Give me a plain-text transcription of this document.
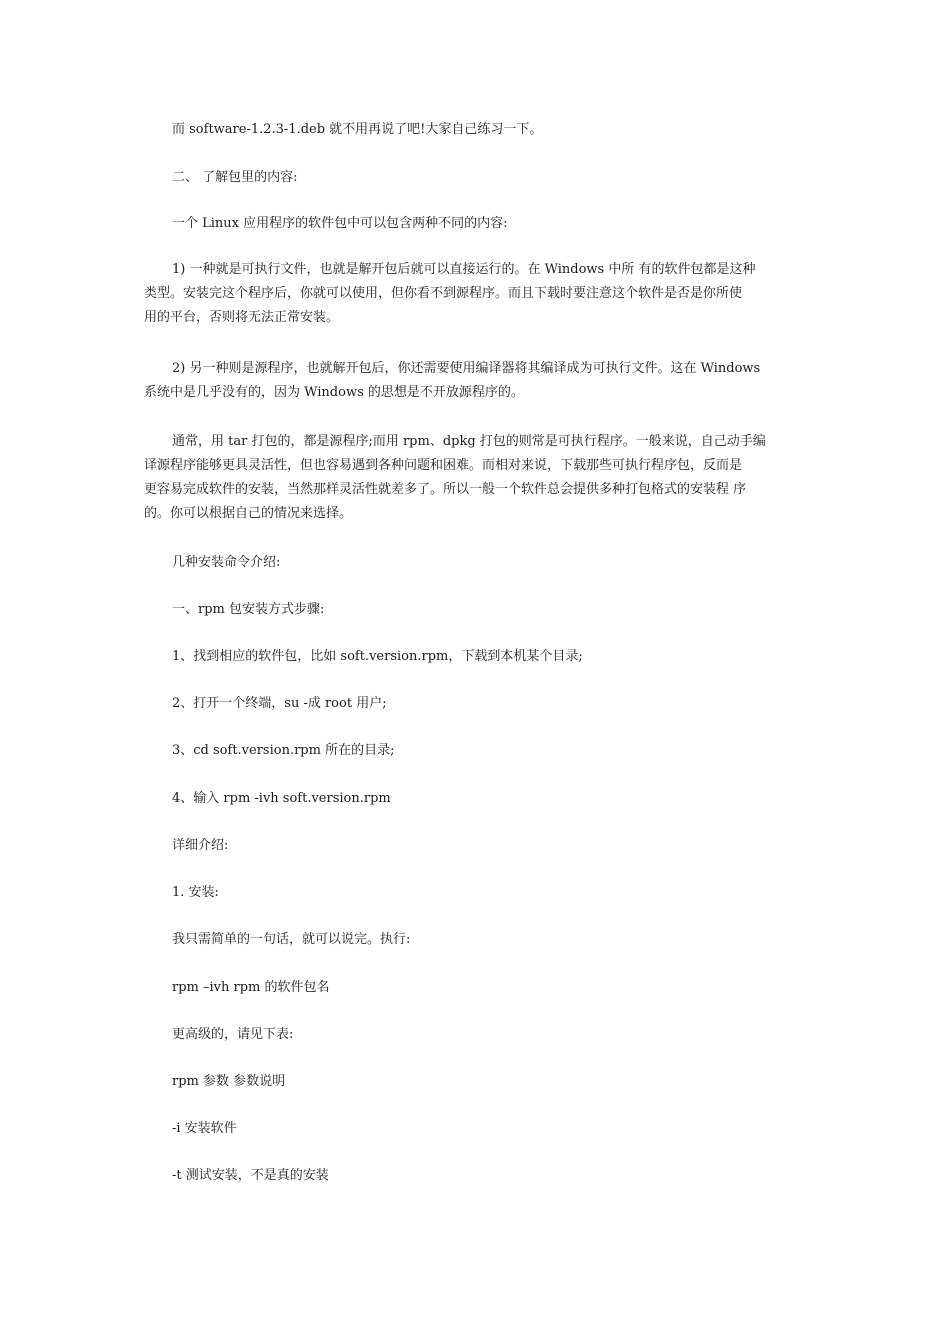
而 software-1.2.3-1.deb 就不用再说了吧!大家自己练习一下。
二、 了解包里的内容:
一个 Linux 应用程序的软件包中可以包含两种不同的内容:
1) 一种就是可执行文件，也就是解开包后就可以直接运行的。在 Windows 中所 有的软件包都是这种
类型。安装完这个程序后，你就可以使用，但你看不到源程序。而且下载时要注意这个软件是否是你所使
用的平台，否则将无法正常安装。
2) 另一种则是源程序，也就解开包后，你还需要使用编译器将其编译成为可执行文件。这在 Windows
系统中是几乎没有的，因为 Windows 的思想是不开放源程序的。
通常，用 tar 打包的，都是源程序;而用 rpm、dpkg 打包的则常是可执行程序。一般来说，自己动手编
译源程序能够更具灵活性，但也容易遇到各种问题和困难。而相对来说，下载那些可执行程序包，反而是
更容易完成软件的安装，当然那样灵活性就差多了。所以一般一个软件总会提供多种打包格式的安装程 序
的。你可以根据自己的情况来选择。
几种安装命令介绍:
一、rpm 包安装方式步骤:
1、找到相应的软件包，比如 soft.version.rpm，下载到本机某个目录;
2、打开一个终端，su -成 root 用户;
3、cd soft.version.rpm 所在的目录;
4、输入 rpm -ivh soft.version.rpm
详细介绍:
1. 安装:
我只需简单的一句话，就可以说完。执行:
rpm –ivh rpm 的软件包名
更高级的，请见下表:
rpm 参数 参数说明
-i 安装软件
-t 测试安装，不是真的安装
